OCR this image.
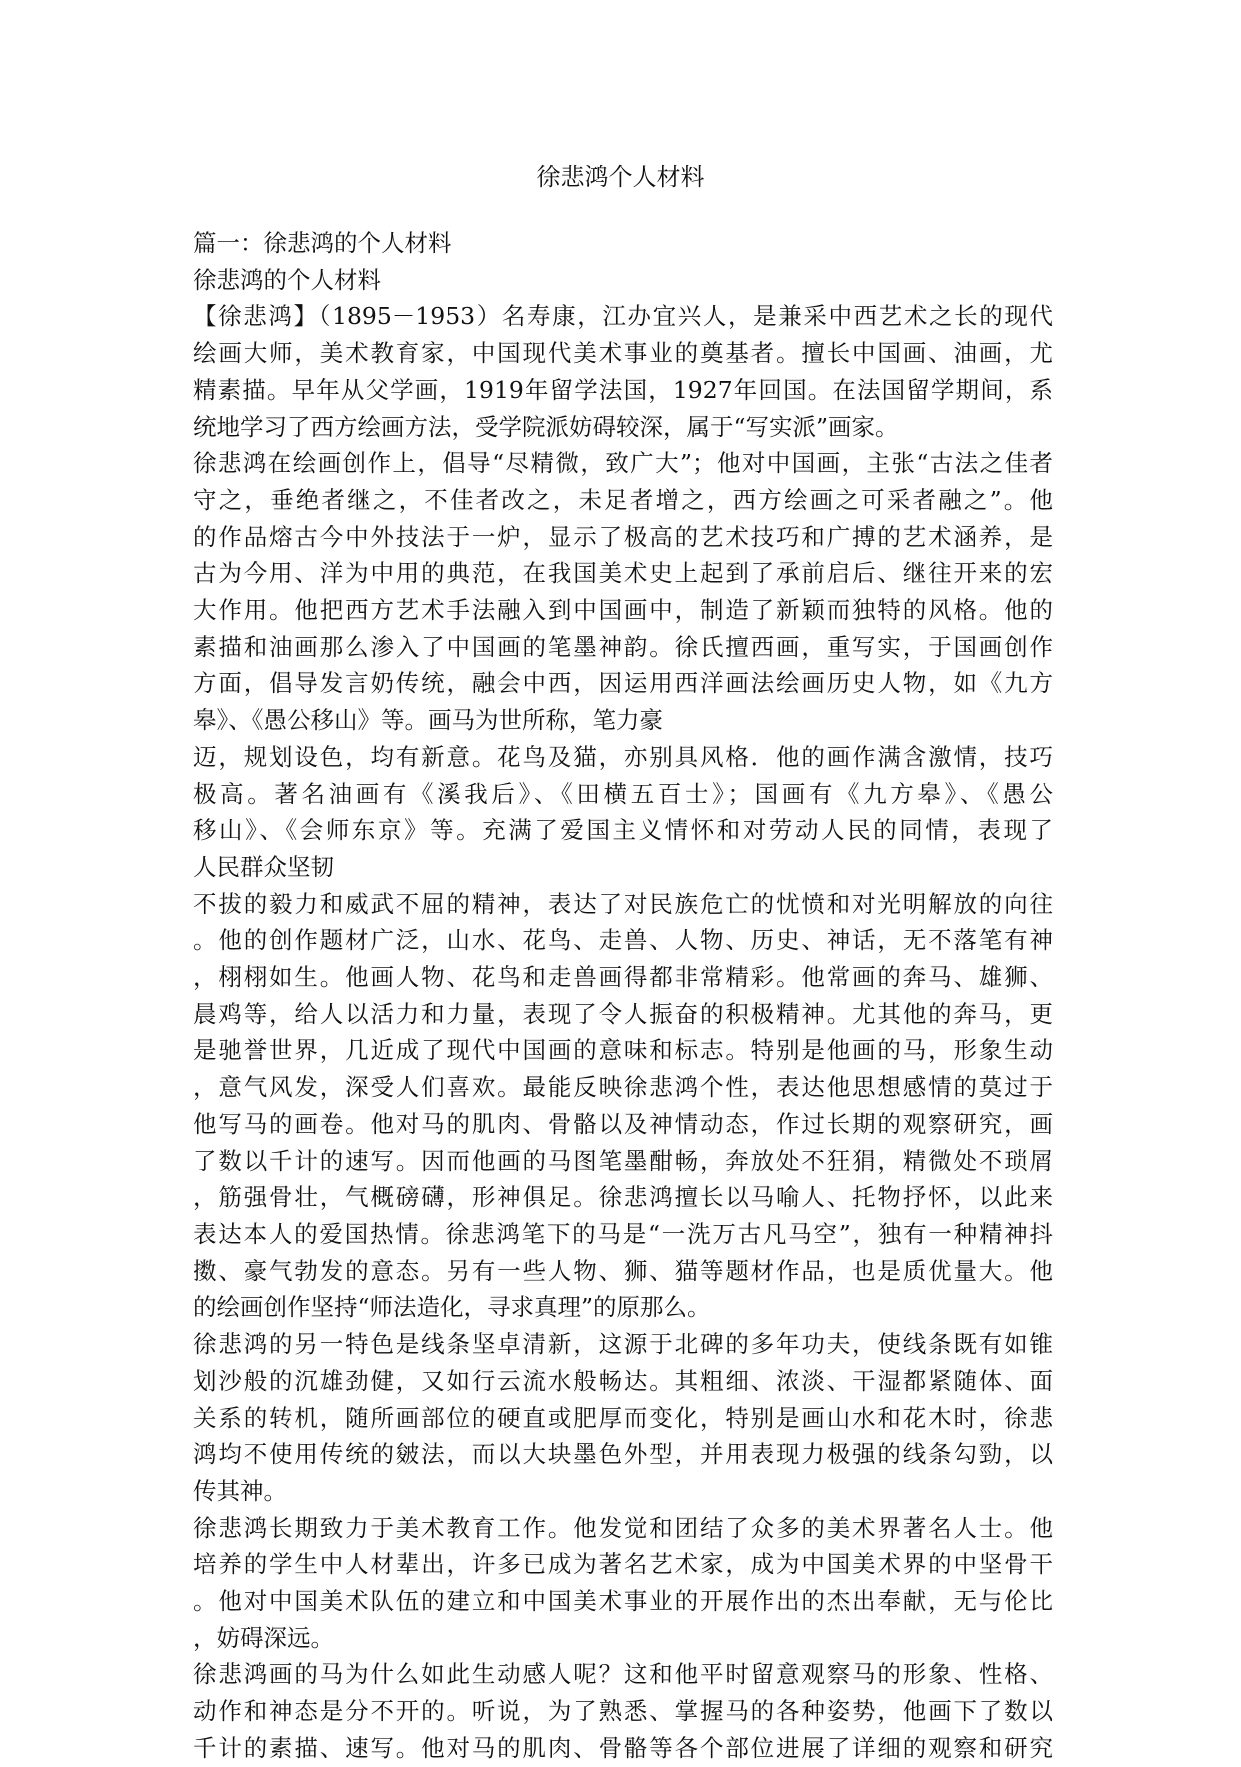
徐悲鸿个人材料
篇一：徐悲鸿的个人材料
徐悲鸿的个人材料
【徐悲鸿】（1895－1953）名寿康，江办宜兴人，是兼采中西艺术之长的现代
绘画大师，美术教育家，中国现代美术事业的奠基者。擅长中国画、油画，尤
精素描。早年从父学画，1919年留学法国，1927年回国。在法国留学期间，系
统地学习了西方绘画方法，受学院派妨碍较深，属于“写实派”画家。
徐悲鸿在绘画创作上，倡导“尽精微，致广大”；他对中国画，主张“古法之佳者
守之，垂绝者继之，不佳者改之，未足者增之，西方绘画之可采者融之”。他
的作品熔古今中外技法于一炉，显示了极高的艺术技巧和广搏的艺术涵养，是
古为今用、洋为中用的典范，在我国美术史上起到了承前启后、继往开来的宏
大作用。他把西方艺术手法融入到中国画中，制造了新颖而独特的风格。他的
素描和油画那么渗入了中国画的笔墨神韵。徐氏擅西画，重写实，于国画创作
方面，倡导发言奶传统，融会中西，因运用西洋画法绘画历史人物，如《九方
皋》、《愚公移山》等。画马为世所称，笔力豪
迈，规划设色，均有新意。花鸟及猫，亦别具风格．他的画作满含激情，技巧
极高。著名油画有《溪我后》、《田横五百士》；国画有《九方皋》、《愚公
移山》、《会师东京》等。充满了爱国主义情怀和对劳动人民的同情，表现了
人民群众坚韧
不拔的毅力和威武不屈的精神，表达了对民族危亡的忧愤和对光明解放的向往
。他的创作题材广泛，山水、花鸟、走兽、人物、历史、神话，无不落笔有神
，栩栩如生。他画人物、花鸟和走兽画得都非常精彩。他常画的奔马、雄狮、
晨鸡等，给人以活力和力量，表现了令人振奋的积极精神。尤其他的奔马，更
是驰誉世界，几近成了现代中国画的意味和标志。特别是他画的马，形象生动
，意气风发，深受人们喜欢。最能反映徐悲鸿个性，表达他思想感情的莫过于
他写马的画卷。他对马的肌肉、骨骼以及神情动态，作过长期的观察研究，画
了数以千计的速写。因而他画的马图笔墨酣畅，奔放处不狂狷，精微处不琐屑
，筋强骨壮，气概磅礴，形神俱足。徐悲鸿擅长以马喻人、托物抒怀，以此来
表达本人的爱国热情。徐悲鸿笔下的马是“一洗万古凡马空”，独有一种精神抖
擞、豪气勃发的意态。另有一些人物、狮、猫等题材作品，也是质优量大。他
的绘画创作坚持“师法造化，寻求真理”的原那么。
徐悲鸿的另一特色是线条坚卓清新，这源于北碑的多年功夫，使线条既有如锥
划沙般的沉雄劲健，又如行云流水般畅达。其粗细、浓淡、干湿都紧随体、面
关系的转机，随所画部位的硬直或肥厚而变化，特别是画山水和花木时，徐悲
鸿均不使用传统的皴法，而以大块墨色外型，并用表现力极强的线条勾勁，以
传其神。
徐悲鸿长期致力于美术教育工作。他发觉和团结了众多的美术界著名人士。他
培养的学生中人材辈出，许多已成为著名艺术家，成为中国美术界的中坚骨干
。他对中国美术队伍的建立和中国美术事业的开展作出的杰出奉献，无与伦比
，妨碍深远。
徐悲鸿画的马为什么如此生动感人呢？这和他平时留意观察马的形象、性格、
动作和神态是分不开的。听说，为了熟悉、掌握马的各种姿势，他画下了数以
千计的素描、速写。他对马的肌肉、骨骼等各个部位进展了详细的观察和研究
